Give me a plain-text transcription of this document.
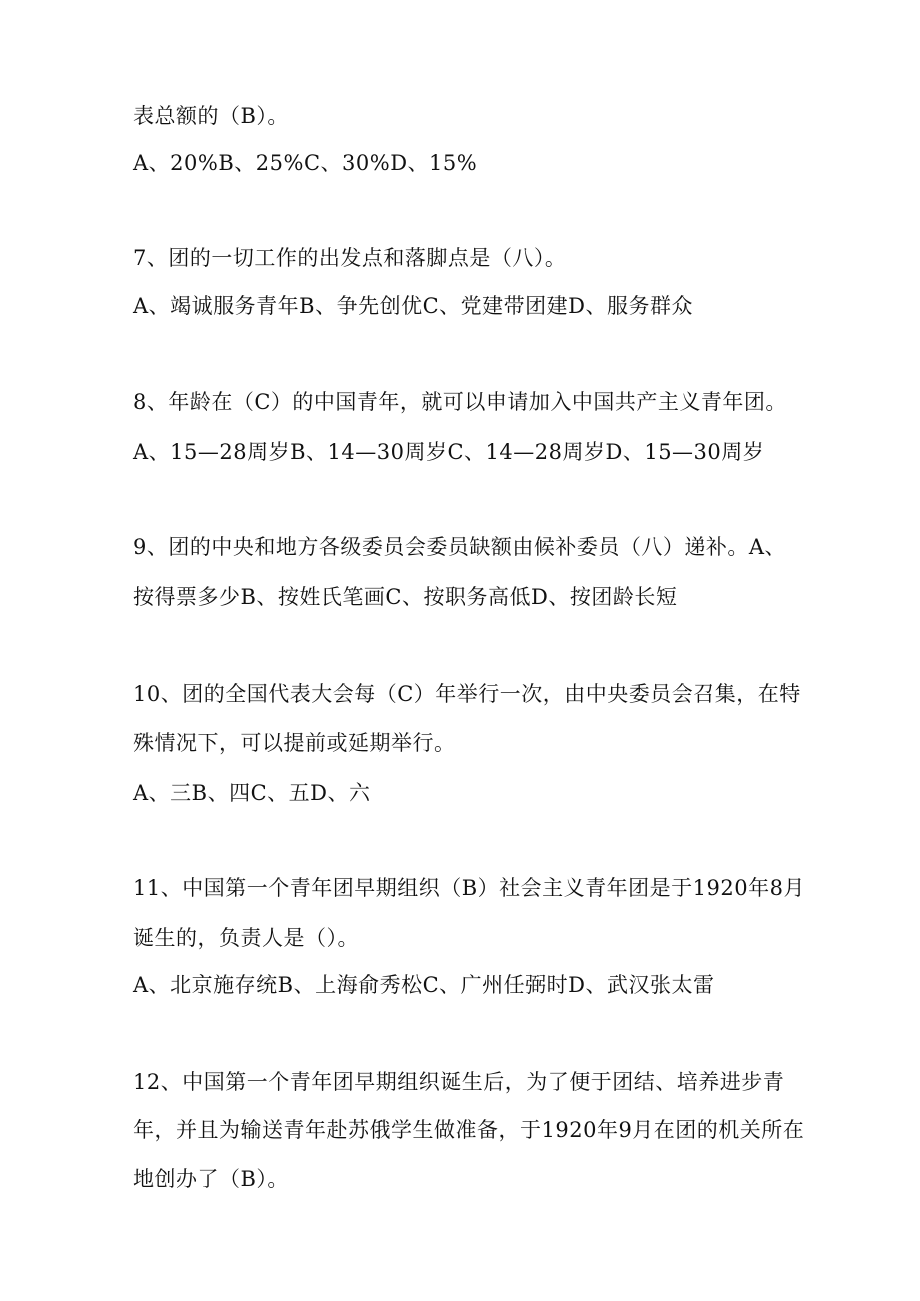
表总额的（B）。
A、20%B、25%C、30%D、15%
7、团的一切工作的出发点和落脚点是（八）。
A、竭诚服务青年B、争先创优C、党建带团建D、服务群众
8、年龄在（C）的中国青年，就可以申请加入中国共产主义青年团。
A、15—28周岁B、14—30周岁C、14—28周岁D、15—30周岁
9、团的中央和地方各级委员会委员缺额由候补委员（八）递补。A、
按得票多少B、按姓氏笔画C、按职务高低D、按团龄长短
10、团的全国代表大会每（C）年举行一次，由中央委员会召集，在特
殊情况下，可以提前或延期举行。
A、三B、四C、五D、六
11、中国第一个青年团早期组织（B）社会主义青年团是于1920年8月
诞生的，负责人是（）。
A、北京施存统B、上海俞秀松C、广州任弼时D、武汉张太雷
12、中国第一个青年团早期组织诞生后，为了便于团结、培养进步青
年，并且为输送青年赴苏俄学生做准备，于1920年9月在团的机关所在
地创办了（B）。
